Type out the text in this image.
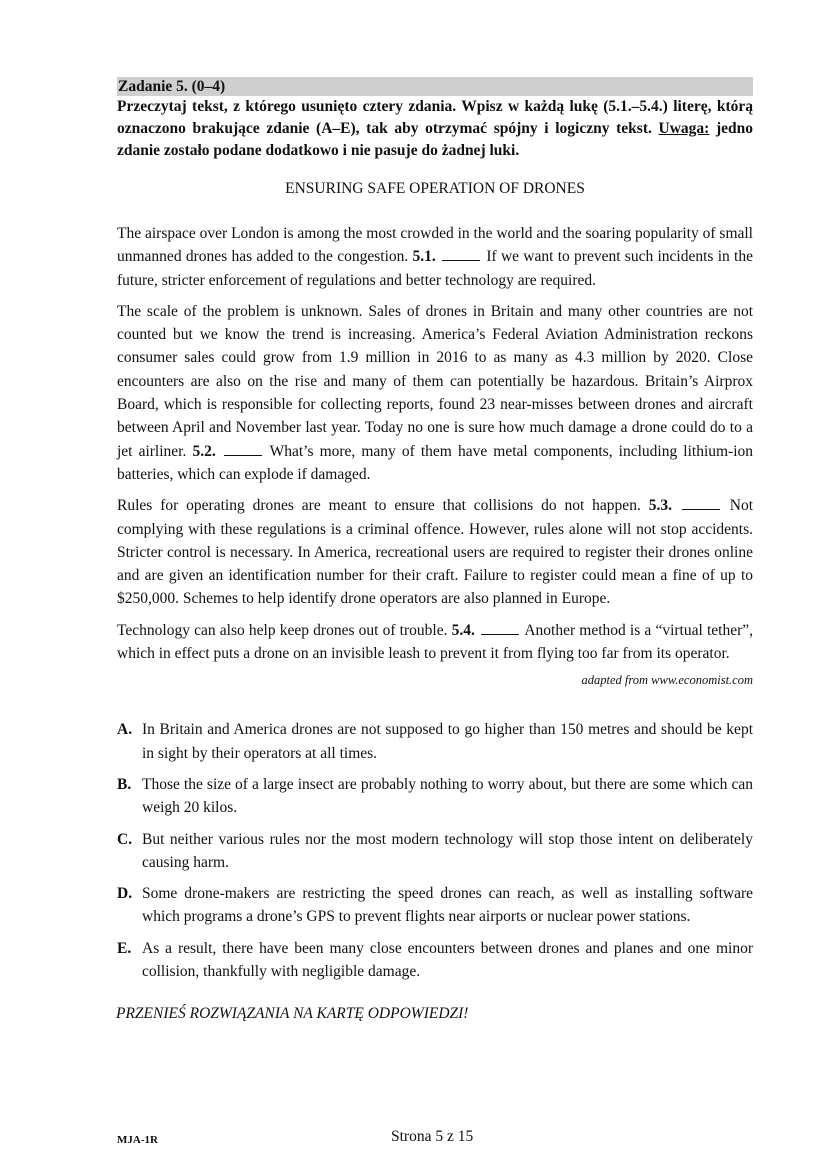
Zadanie 5. (0–4)
Przeczytaj tekst, z którego usunięto cztery zdania. Wpisz w każdą lukę (5.1.–5.4.) literę, którą oznaczono brakujące zdanie (A–E), tak aby otrzymać spójny i logiczny tekst. Uwaga: jedno zdanie zostało podane dodatkowo i nie pasuje do żadnej luki.
ENSURING SAFE OPERATION OF DRONES

The airspace over London is among the most crowded in the world and the soaring popularity of small unmanned drones has added to the congestion. 5.1.	If we want to prevent such incidents in the future, stricter enforcement of regulations and better technology are required.

The scale of the problem is unknown. Sales of drones in Britain and many other countries are not counted but we know the trend is increasing. America’s Federal Aviation Administration reckons consumer sales could grow from 1.9 million in 2016 to as many as 4.3 million by 2020. Close encounters are also on the rise and many of them can potentially be hazardous. Britain’s Airprox Board, which is responsible for collecting reports, found 23 near-misses between drones and aircraft between April and November last year. Today no one is sure how much damage a drone could do to a jet airliner. 5.2.	What’s more, many of them have metal components, including lithium-ion batteries, which can explode if damaged.

Rules for operating drones are meant to ensure that collisions do not happen. 5.3.	Not complying with these regulations is a criminal offence. However, rules alone will not stop accidents. Stricter control is necessary. In America, recreational users are required to register their drones online and are given an identification number for their craft. Failure to register could mean a fine of up to $250,000. Schemes to help identify drone operators are also planned in Europe.

Technology can also help keep drones out of trouble. 5.4.	Another method is a “virtual tether”, which in effect puts a drone on an invisible leash to prevent it from flying too far from its operator.

adapted from www.economist.com
A. In Britain and America drones are not supposed to go higher than 150 metres and should be kept in sight by their operators at all times.
B. Those the size of a large insect are probably nothing to worry about, but there are some which can weigh 20 kilos.
C. But neither various rules nor the most modern technology will stop those intent on deliberately causing harm.
D. Some drone-makers are restricting the speed drones can reach, as well as installing software which programs a drone’s GPS to prevent flights near airports or nuclear power stations.
E. As a result, there have been many close encounters between drones and planes and one minor collision, thankfully with negligible damage.
PRZENIEŚ ROZWIĄZANIA NA KARTĘ ODPOWIEDZI!
MJA-1R	Strona 5 z 15
